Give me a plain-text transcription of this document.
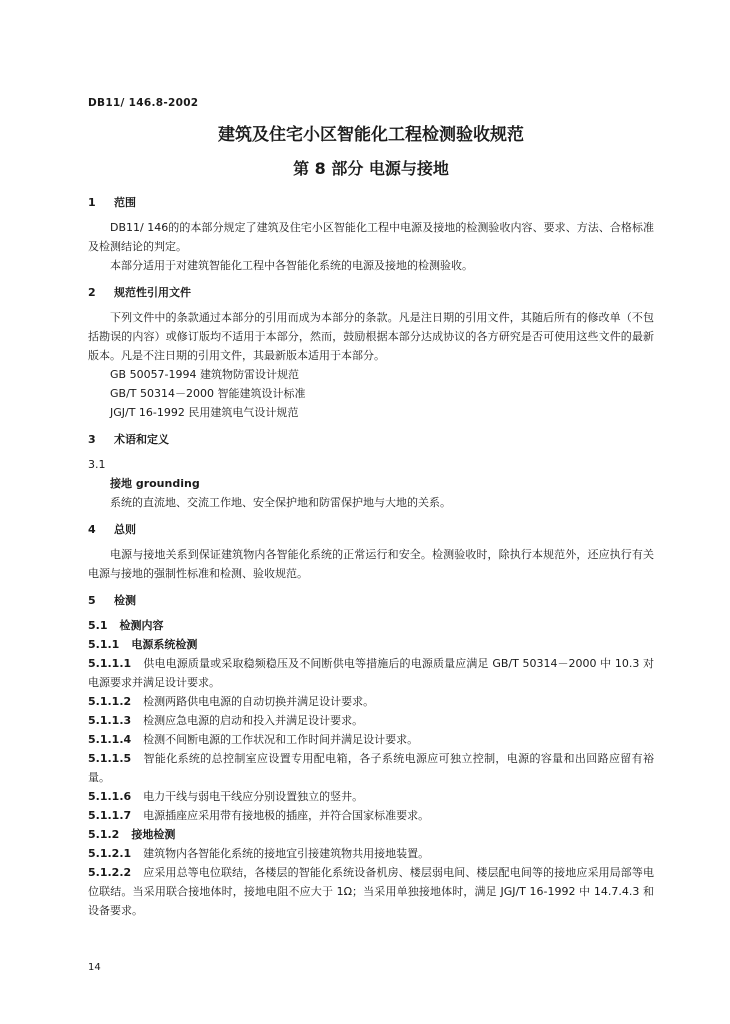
DB11/ 146.8-2002
建筑及住宅小区智能化工程检测验收规范
第 8 部分 电源与接地
1 范围

DB11/ 146的的本部分规定了建筑及住宅小区智能化工程中电源及接地的检测验收内容、要求、方法、合格标准及检测结论的判定。

本部分适用于对建筑智能化工程中各智能化系统的电源及接地的检测验收。

2 规范性引用文件

下列文件中的条款通过本部分的引用而成为本部分的条款。凡是注日期的引用文件，其随后所有的修改单（不包括勘误的内容）或修订版均不适用于本部分，然而，鼓励根据本部分达成协议的各方研究是否可使用这些文件的最新版本。凡是不注日期的引用文件，其最新版本适用于本部分。

GB 50057-1994 建筑物防雷设计规范

GB/T 50314－2000 智能建筑设计标准

JGJ/T 16-1992 民用建筑电气设计规范

3 术语和定义

3.1

接地 grounding

系统的直流地、交流工作地、安全保护地和防雷保护地与大地的关系。

4 总则

电源与接地关系到保证建筑物内各智能化系统的正常运行和安全。检测验收时，除执行本规范外，还应执行有关电源与接地的强制性标准和检测、验收规范。

5 检测

5.1 检测内容

5.1.1 电源系统检测

5.1.1.1 供电电源质量或采取稳频稳压及不间断供电等措施后的电源质量应满足 GB/T 50314－2000 中 10.3 对电源要求并满足设计要求。

5.1.1.2 检测两路供电电源的自动切换并满足设计要求。

5.1.1.3 检测应急电源的启动和投入并满足设计要求。

5.1.1.4 检测不间断电源的工作状况和工作时间并满足设计要求。

5.1.1.5 智能化系统的总控制室应设置专用配电箱，各子系统电源应可独立控制，电源的容量和出回路应留有裕量。

5.1.1.6 电力干线与弱电干线应分别设置独立的竖井。

5.1.1.7 电源插座应采用带有接地极的插座，并符合国家标准要求。

5.1.2 接地检测

5.1.2.1 建筑物内各智能化系统的接地宜引接建筑物共用接地装置。

5.1.2.2 应采用总等电位联结，各楼层的智能化系统设备机房、楼层弱电间、楼层配电间等的接地应采用局部等电位联结。当采用联合接地体时，接地电阻不应大于 1Ω；当采用单独接地体时，满足 JGJ/T 16-1992 中 14.7.4.3 和设备要求。

14
